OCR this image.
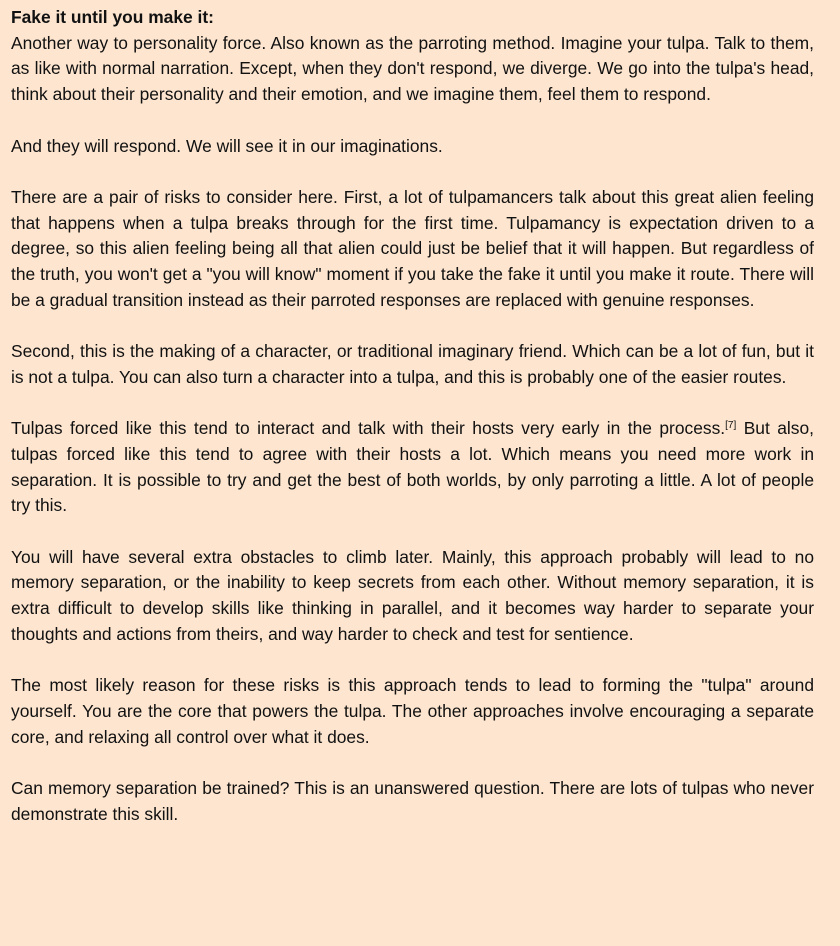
Fake it until you make it:

Another way to personality force. Also known as the parroting method. Imagine your tulpa. Talk to them, as like with normal narration. Except, when they don't respond, we diverge. We go into the tulpa's head, think about their personality and their emotion, and we imagine them, feel them to respond.

And they will respond. We will see it in our imaginations.

There are a pair of risks to consider here. First, a lot of tulpamancers talk about this great alien feeling that happens when a tulpa breaks through for the first time. Tulpamancy is expectation driven to a degree, so this alien feeling being all that alien could just be belief that it will happen. But regardless of the truth, you won't get a "you will know" moment if you take the fake it until you make it route. There will be a gradual transition instead as their parroted responses are replaced with genuine responses.

Second, this is the making of a character, or traditional imaginary friend. Which can be a lot of fun, but it is not a tulpa. You can also turn a character into a tulpa, and this is probably one of the easier routes.

Tulpas forced like this tend to interact and talk with their hosts very early in the process.[7] But also, tulpas forced like this tend to agree with their hosts a lot. Which means you need more work in separation. It is possible to try and get the best of both worlds, by only parroting a little. A lot of people try this.

You will have several extra obstacles to climb later. Mainly, this approach probably will lead to no memory separation, or the inability to keep secrets from each other. Without memory separation, it is extra difficult to develop skills like thinking in parallel, and it becomes way harder to separate your thoughts and actions from theirs, and way harder to check and test for sentience.

The most likely reason for these risks is this approach tends to lead to forming the "tulpa" around yourself. You are the core that powers the tulpa. The other approaches involve encouraging a separate core, and relaxing all control over what it does.

Can memory separation be trained? This is an unanswered question. There are lots of tulpas who never demonstrate this skill.
